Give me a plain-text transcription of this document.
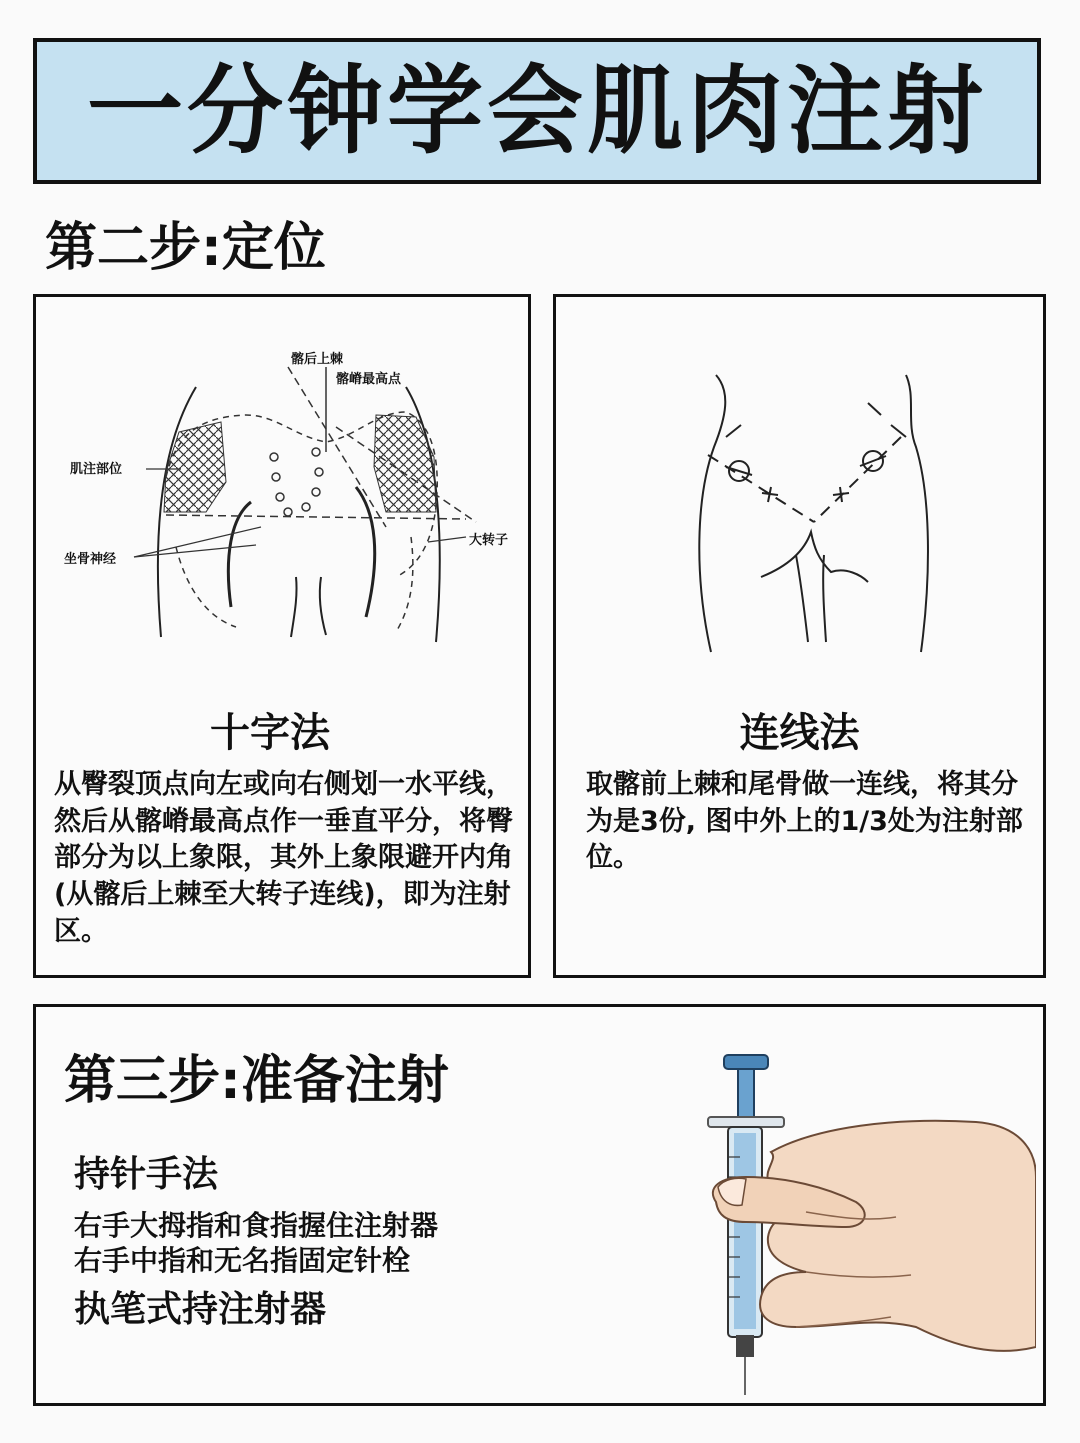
一分钟学会肌肉注射
第二步:定位
髂后上棘
髂嵴最高点
肌注部位
大转子
坐骨神经
十字法

从臀裂顶点向左或向右侧划一水平线，然后从髂嵴最高点作一垂直平分，将臀部分为以上象限，其外上象限避开内角(从髂后上棘至大转子连线)，即为注射区。

连线法

取髂前上棘和尾骨做一连线，将其分为是3份, 图中外上的1/3处为注射部位。

第三步:准备注射

持针手法

右手大拇指和食指握住注射器

右手中指和无名指固定针栓

执笔式持注射器
